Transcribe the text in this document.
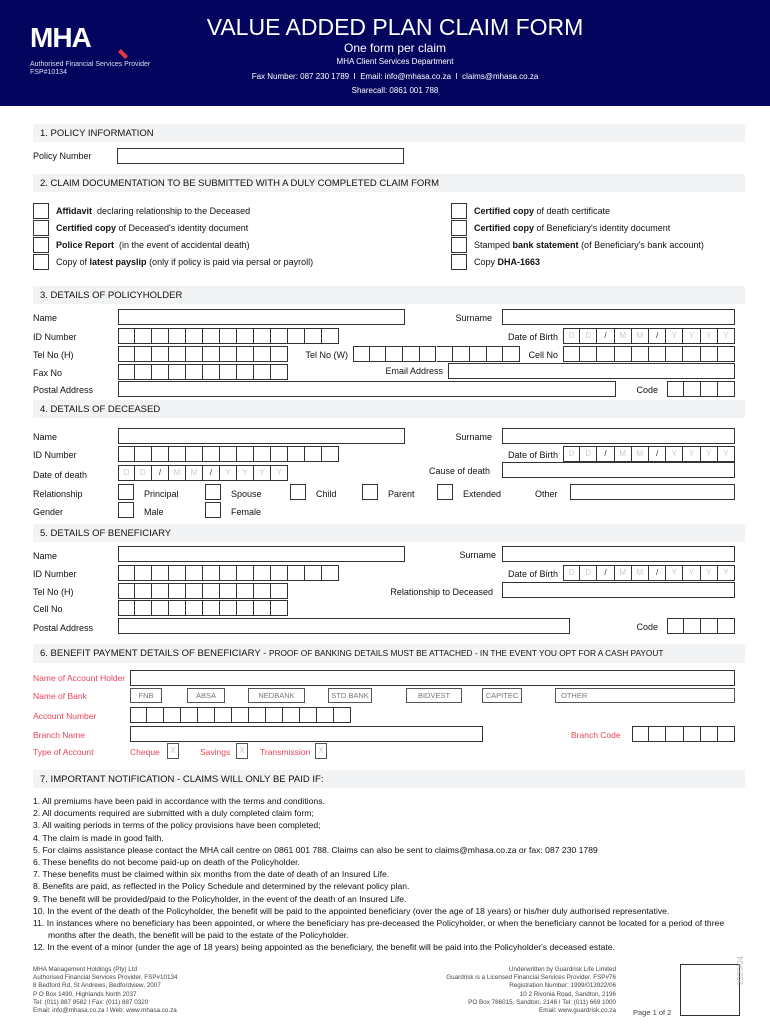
MHA
Authorised Financial Services Provider
FSP#10134
VALUE ADDED PLAN CLAIM FORM
One form per claim
MHA Client Services Department
Fax Number: 087 230 1789  I  Email: info@mhasa.co.za  I  claims@mhasa.co.za
Sharecall: 0861 001 788
1. POLICY INFORMATION
Policy Number
2. CLAIM DOCUMENTATION TO BE SUBMITTED WITH A DULY COMPLETED CLAIM FORM
Affidavit  declaring relationship to the Deceased
Certified copy of Deceased's identity document
Police Report  (in the event of accidental death)
Copy of latest payslip (only if policy is paid via persal or payroll)
Certified copy of death certificate
Certified copy of Beneficiary's identity document
Stamped bank statement (of Beneficiary's bank account)
Copy DHA-1663
3. DETAILS OF POLICYHOLDER
Name	Surname
ID Number	Date of Birth	D	D	/	M	M	/	Y	Y	Y	Y
Tel No (H)	Tel No (W)	Cell No
Fax No	Email Address
Postal Address	Code
4. DETAILS OF DECEASED
Name	Surname
ID Number	Date of Birth	D	D	/	M	M	/	Y	Y	Y	Y
Date of death	D	D	/	M	M	/	Y	Y	Y	Y	Cause of death
Relationship	Principal	Spouse	Child	Parent	Extended	Other
Gender	Male	Female
5. DETAILS OF BENEFICIARY
Name	Surname
ID Number	Date of Birth	D	D	/	M	M	/	Y	Y	Y	Y
Tel No (H)	Relationship to Deceased
Cell No
Postal Address	Code
6. BENEFIT PAYMENT DETAILS OF BENEFICIARY - PROOF OF BANKING DETAILS MUST BE ATTACHED - IN THE EVENT YOU OPT FOR A CASH PAYOUT
Name of Account Holder
Name of Bank	FNB	ABSA	NEDBANK	STD BANK	BIDVEST	CAPITEC	OTHER
Account Number
Branch Name	Branch Code
Type of Account	Cheque	X	Savings	X	Transmission	X
7. IMPORTANT NOTIFICATION - CLAIMS WILL ONLY BE PAID IF:
1. All premiums have been paid in accordance with the terms and conditions.
2. All documents required are submitted with a duly completed claim form;
3. All waiting periods in terms of the policy provisions have been completed;
4. The claim is made in good faith.
5. For claims assistance please contact the MHA call centre on 0861 001 788. Claims can also be sent to claims@mhasa.co.za or fax: 087 230 1789
6. These benefits do not become paid-up on death of the Policyholder.
7. These benefits must be claimed within six months from the date of death of an Insured Life.
8. Benefits are paid, as reflected in the Policy Schedule and determined by the relevant policy plan.
9. The benefit will be provided/paid to the Policyholder, in the event of the death of an Insured Life.
10. In the event of the death of the Policyholder, the benefit will be paid to the appointed beneficiary (over the age of 18 years) or his/her duly authorised representative.
11. In instances where no beneficiary has been appointed, or where the beneficiary has pre-deceased the Policyholder, or when the beneficiary cannot be located for a period of three months after the death, the benefit will be paid to the estate of the Policyholder.
12. In the event of a minor (under the age of 18 years) being appointed as the beneficiary, the benefit will be paid into the Policyholder's deceased estate.
MHA Management Holdings (Pty) Ltd
Authorised Financial Services Provider. FSP#10134
8 Bedford Rd, St Andrews, Bedfordview, 2007
P O Box 1490, Highlands North 2037
Tel: (011) 887 9582 I Fax: (011) 887 0320
Email: info@mhasa.co.za I Web: www.mhasa.co.za
Underwritten by Guardrisk Life Limited
Guardrisk is a Licensed Financial Services Provider. FSP#76
Registration Number: 1999/013922/06
10 2 Rivonia Road, Sandton, 2196
PO Box 786015, Sandton, 2146 I Tel: (011) 669 1000
Email: www.guardrisk.co.za Page 1 of 2
2020/04
